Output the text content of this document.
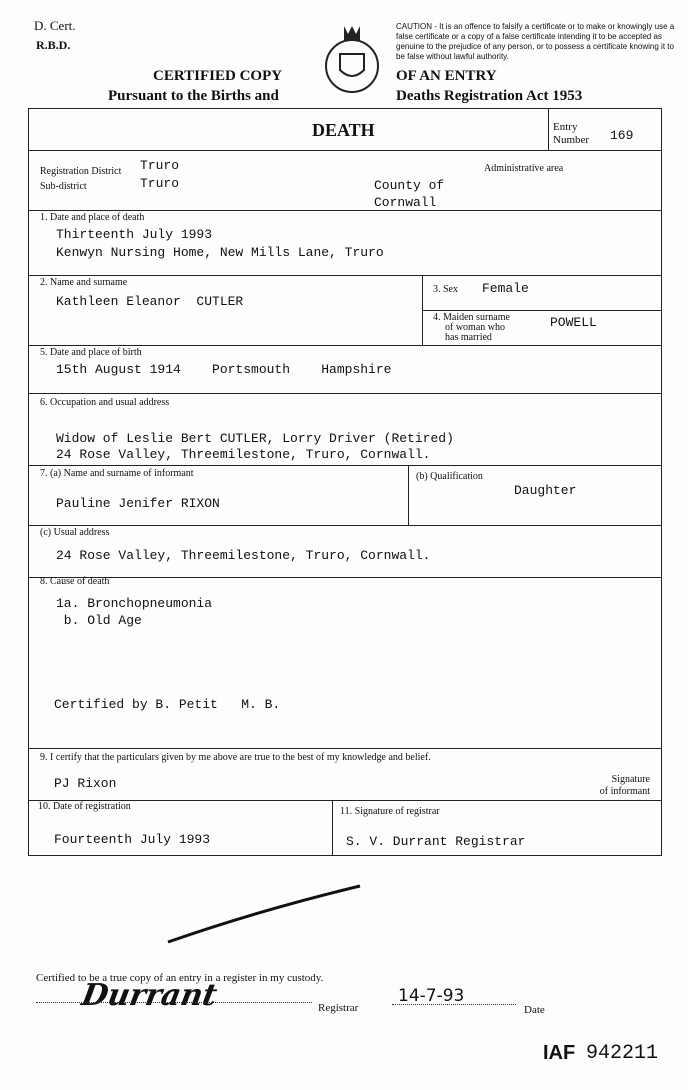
D. Cert.
R.B.D.
CERTIFIED COPY
Pursuant to the Births and
OF AN ENTRY
Deaths Registration Act 1953
CAUTION - It is an offence to falsify a certificate or to make or knowingly use a false certificate or a copy of a false certificate intending it to be accepted as genuine to the prejudice of any person, or to possess a certificate knowing it to be false without lawful authority.
DEATH	Entry
Number 169
Registration District Truro
Sub-district	Truro
Administrative area
County of
Cornwall
1. Date and place of death
Thirteenth July 1993
Kenwyn Nursing Home, New Mills Lane, Truro
2. Name and surname
Kathleen Eleanor  CUTLER
3. Sex Female
4. Maiden surname
of woman who
has married
POWELL
5. Date and place of birth
15th August 1914    Portsmouth    Hampshire
6. Occupation and usual address
Widow of Leslie Bert CUTLER, Lorry Driver (Retired)
24 Rose Valley, Threemilestone, Truro, Cornwall.
7. (a) Name and surname of informant
Pauline Jenifer RIXON
(b) Qualification
Daughter
(c) Usual address
24 Rose Valley, Threemilestone, Truro, Cornwall.
8. Cause of death
1a. Bronchopneumonia
b. Old Age
Certified by B. Petit   M. B.
9. I certify that the particulars given by me above are true to the best of my knowledge and belief.
PJ Rixon	Signature
of informant
10. Date of registration
Fourteenth July 1993
11. Signature of registrar
S. V. Durrant Registrar
Certified to be a true copy of an entry in a register in my custody.
Durrant	Registrar
14-7-93
Date
IAF 942211
